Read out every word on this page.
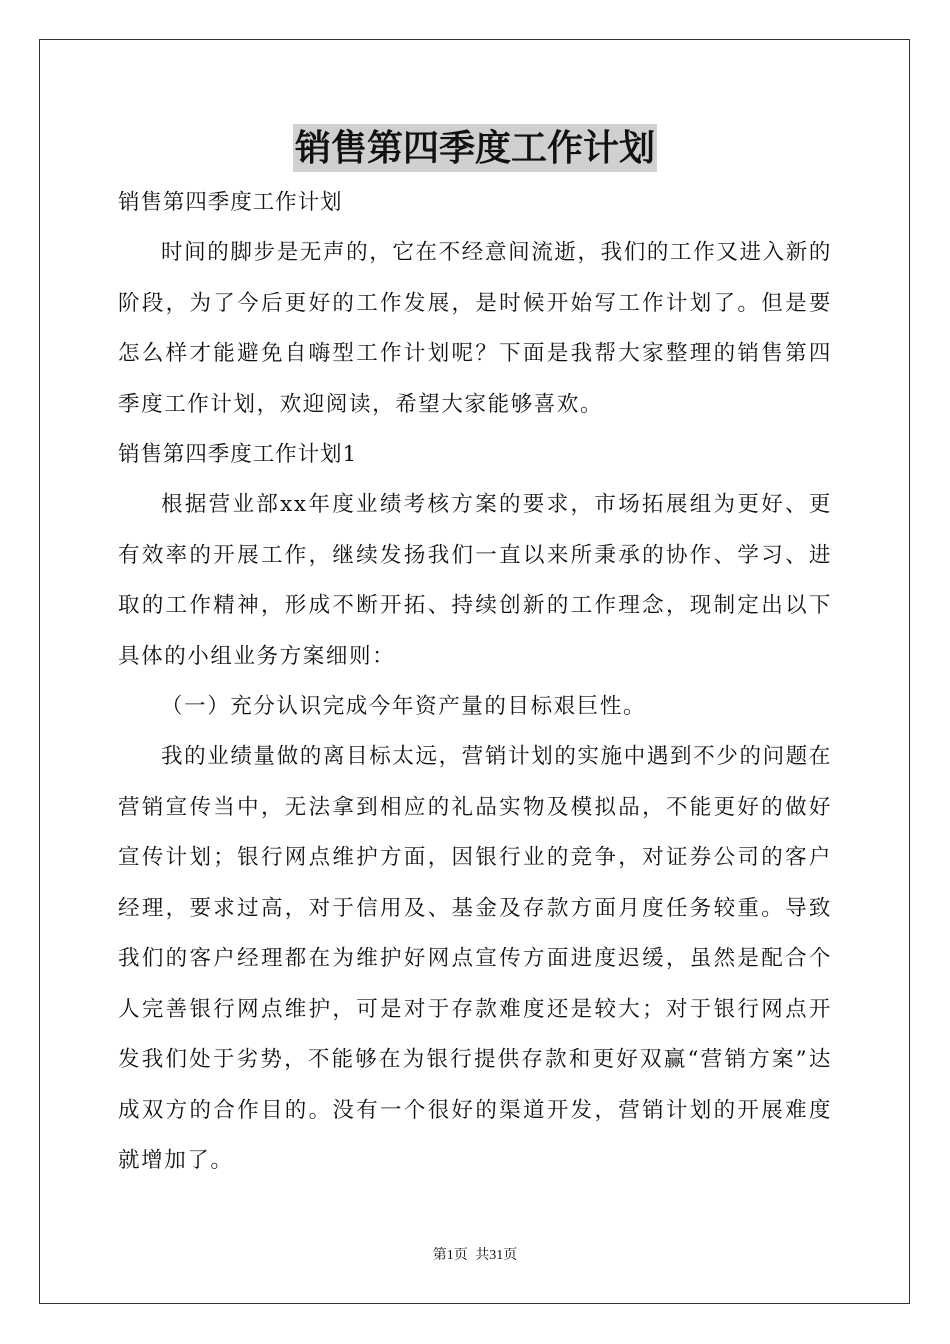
销售第四季度工作计划

销售第四季度工作计划

时间的脚步是无声的，它在不经意间流逝，我们的工作又进入新的阶段，为了今后更好的工作发展，是时候开始写工作计划了。但是要怎么样才能避免自嗨型工作计划呢？下面是我帮大家整理的销售第四季度工作计划，欢迎阅读，希望大家能够喜欢。

销售第四季度工作计划1

根据营业部xx年度业绩考核方案的要求，市场拓展组为更好、更有效率的开展工作，继续发扬我们一直以来所秉承的协作、学习、进取的工作精神，形成不断开拓、持续创新的工作理念，现制定出以下具体的小组业务方案细则：

（一）充分认识完成今年资产量的目标艰巨性。

我的业绩量做的离目标太远，营销计划的实施中遇到不少的问题在营销宣传当中，无法拿到相应的礼品实物及模拟品，不能更好的做好宣传计划；银行网点维护方面，因银行业的竞争，对证券公司的客户经理，要求过高，对于信用及、基金及存款方面月度任务较重。导致我们的客户经理都在为维护好网点宣传方面进度迟缓，虽然是配合个人完善银行网点维护，可是对于存款难度还是较大；对于银行网点开发我们处于劣势，不能够在为银行提供存款和更好双赢“营销方案”达成双方的合作目的。没有一个很好的渠道开发，营销计划的开展难度就增加了。

第1页 共31页
